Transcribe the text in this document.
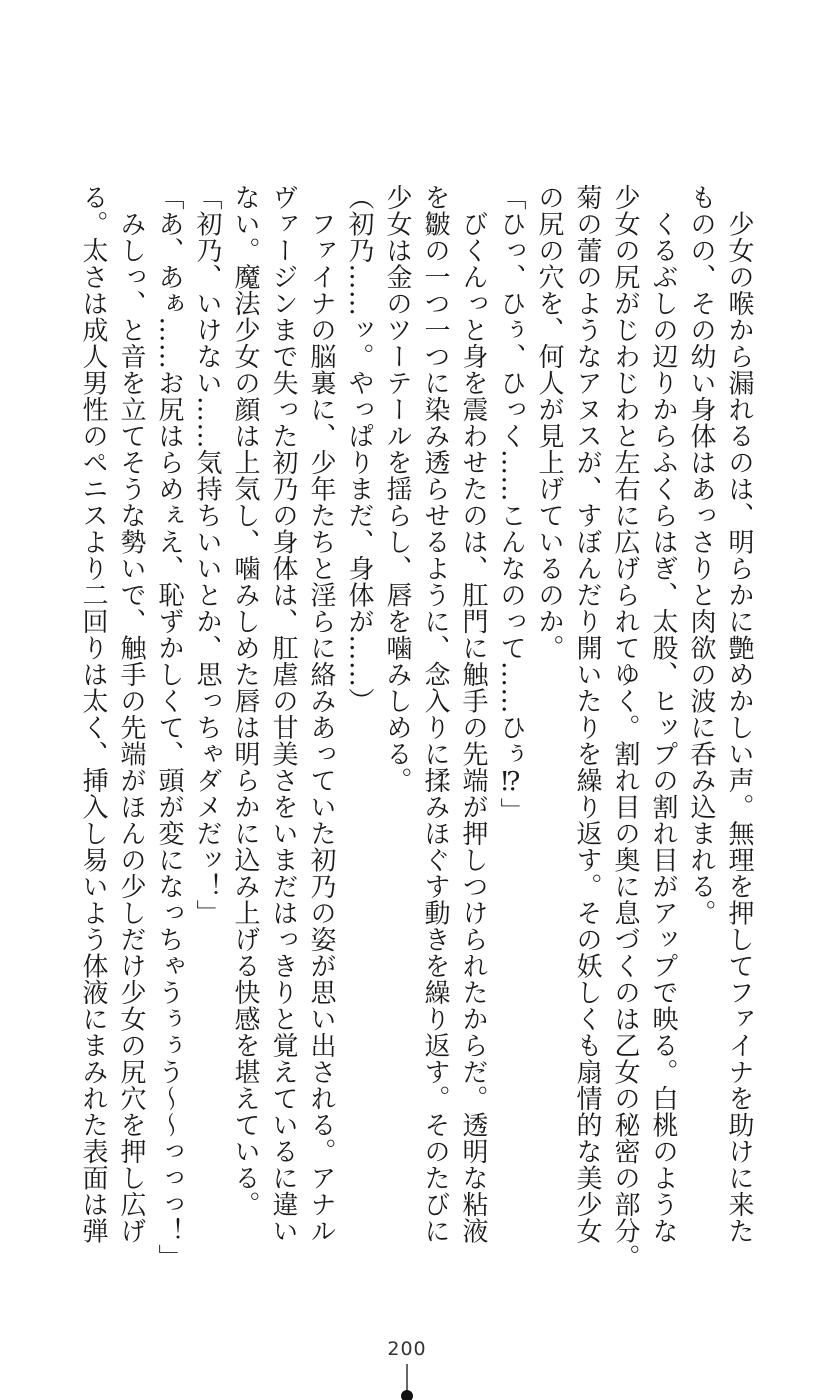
　少女の喉から漏れるのは、明らかに艶めかしい声。無理を押してファイナを助けに来た
ものの、その幼い身体はあっさりと肉欲の波に呑み込まれる。
　くるぶしの辺りからふくらはぎ、太股、ヒップの割れ目がアップで映る。白桃のような
少女の尻がじわじわと左右に広げられてゆく。割れ目の奥に息づくのは乙女の秘密の部分。
菊の蕾のようなアヌスが、すぼんだり開いたりを繰り返す。その妖しくも扇情的な美少女
の尻の穴を、何人が見上げているのか。
「ひっ、ひぅ、ひっく……こんなのって……ひぅ⁉」
　びくんっと身を震わせたのは、肛門に触手の先端が押しつけられたからだ。透明な粘液
を皺の一つ一つに染み透らせるように、念入りに揉みほぐす動きを繰り返す。そのたびに
少女は金のツーテールを揺らし、唇を噛みしめる。
（初乃……ッ。やっぱりまだ、身体が……）
　ファイナの脳裏に、少年たちと淫らに絡みあっていた初乃の姿が思い出される。アナル
ヴァージンまで失った初乃の身体は、肛虐の甘美さをいまだはっきりと覚えているに違い
ない。魔法少女の顔は上気し、噛みしめた唇は明らかに込み上げる快感を堪えている。
「初乃、いけない……気持ちいいとか、思っちゃダメだッ！」
「あ、あぁ……お尻はらめぇえ、恥ずかしくて、頭が変になっちゃうぅぅう〜〜っっっ！」
　みしっ、と音を立てそうな勢いで、触手の先端がほんの少しだけ少女の尻穴を押し広げ
る。太さは成人男性のペニスより二回りは太く、挿入し易いよう体液にまみれた表面は弾
200
